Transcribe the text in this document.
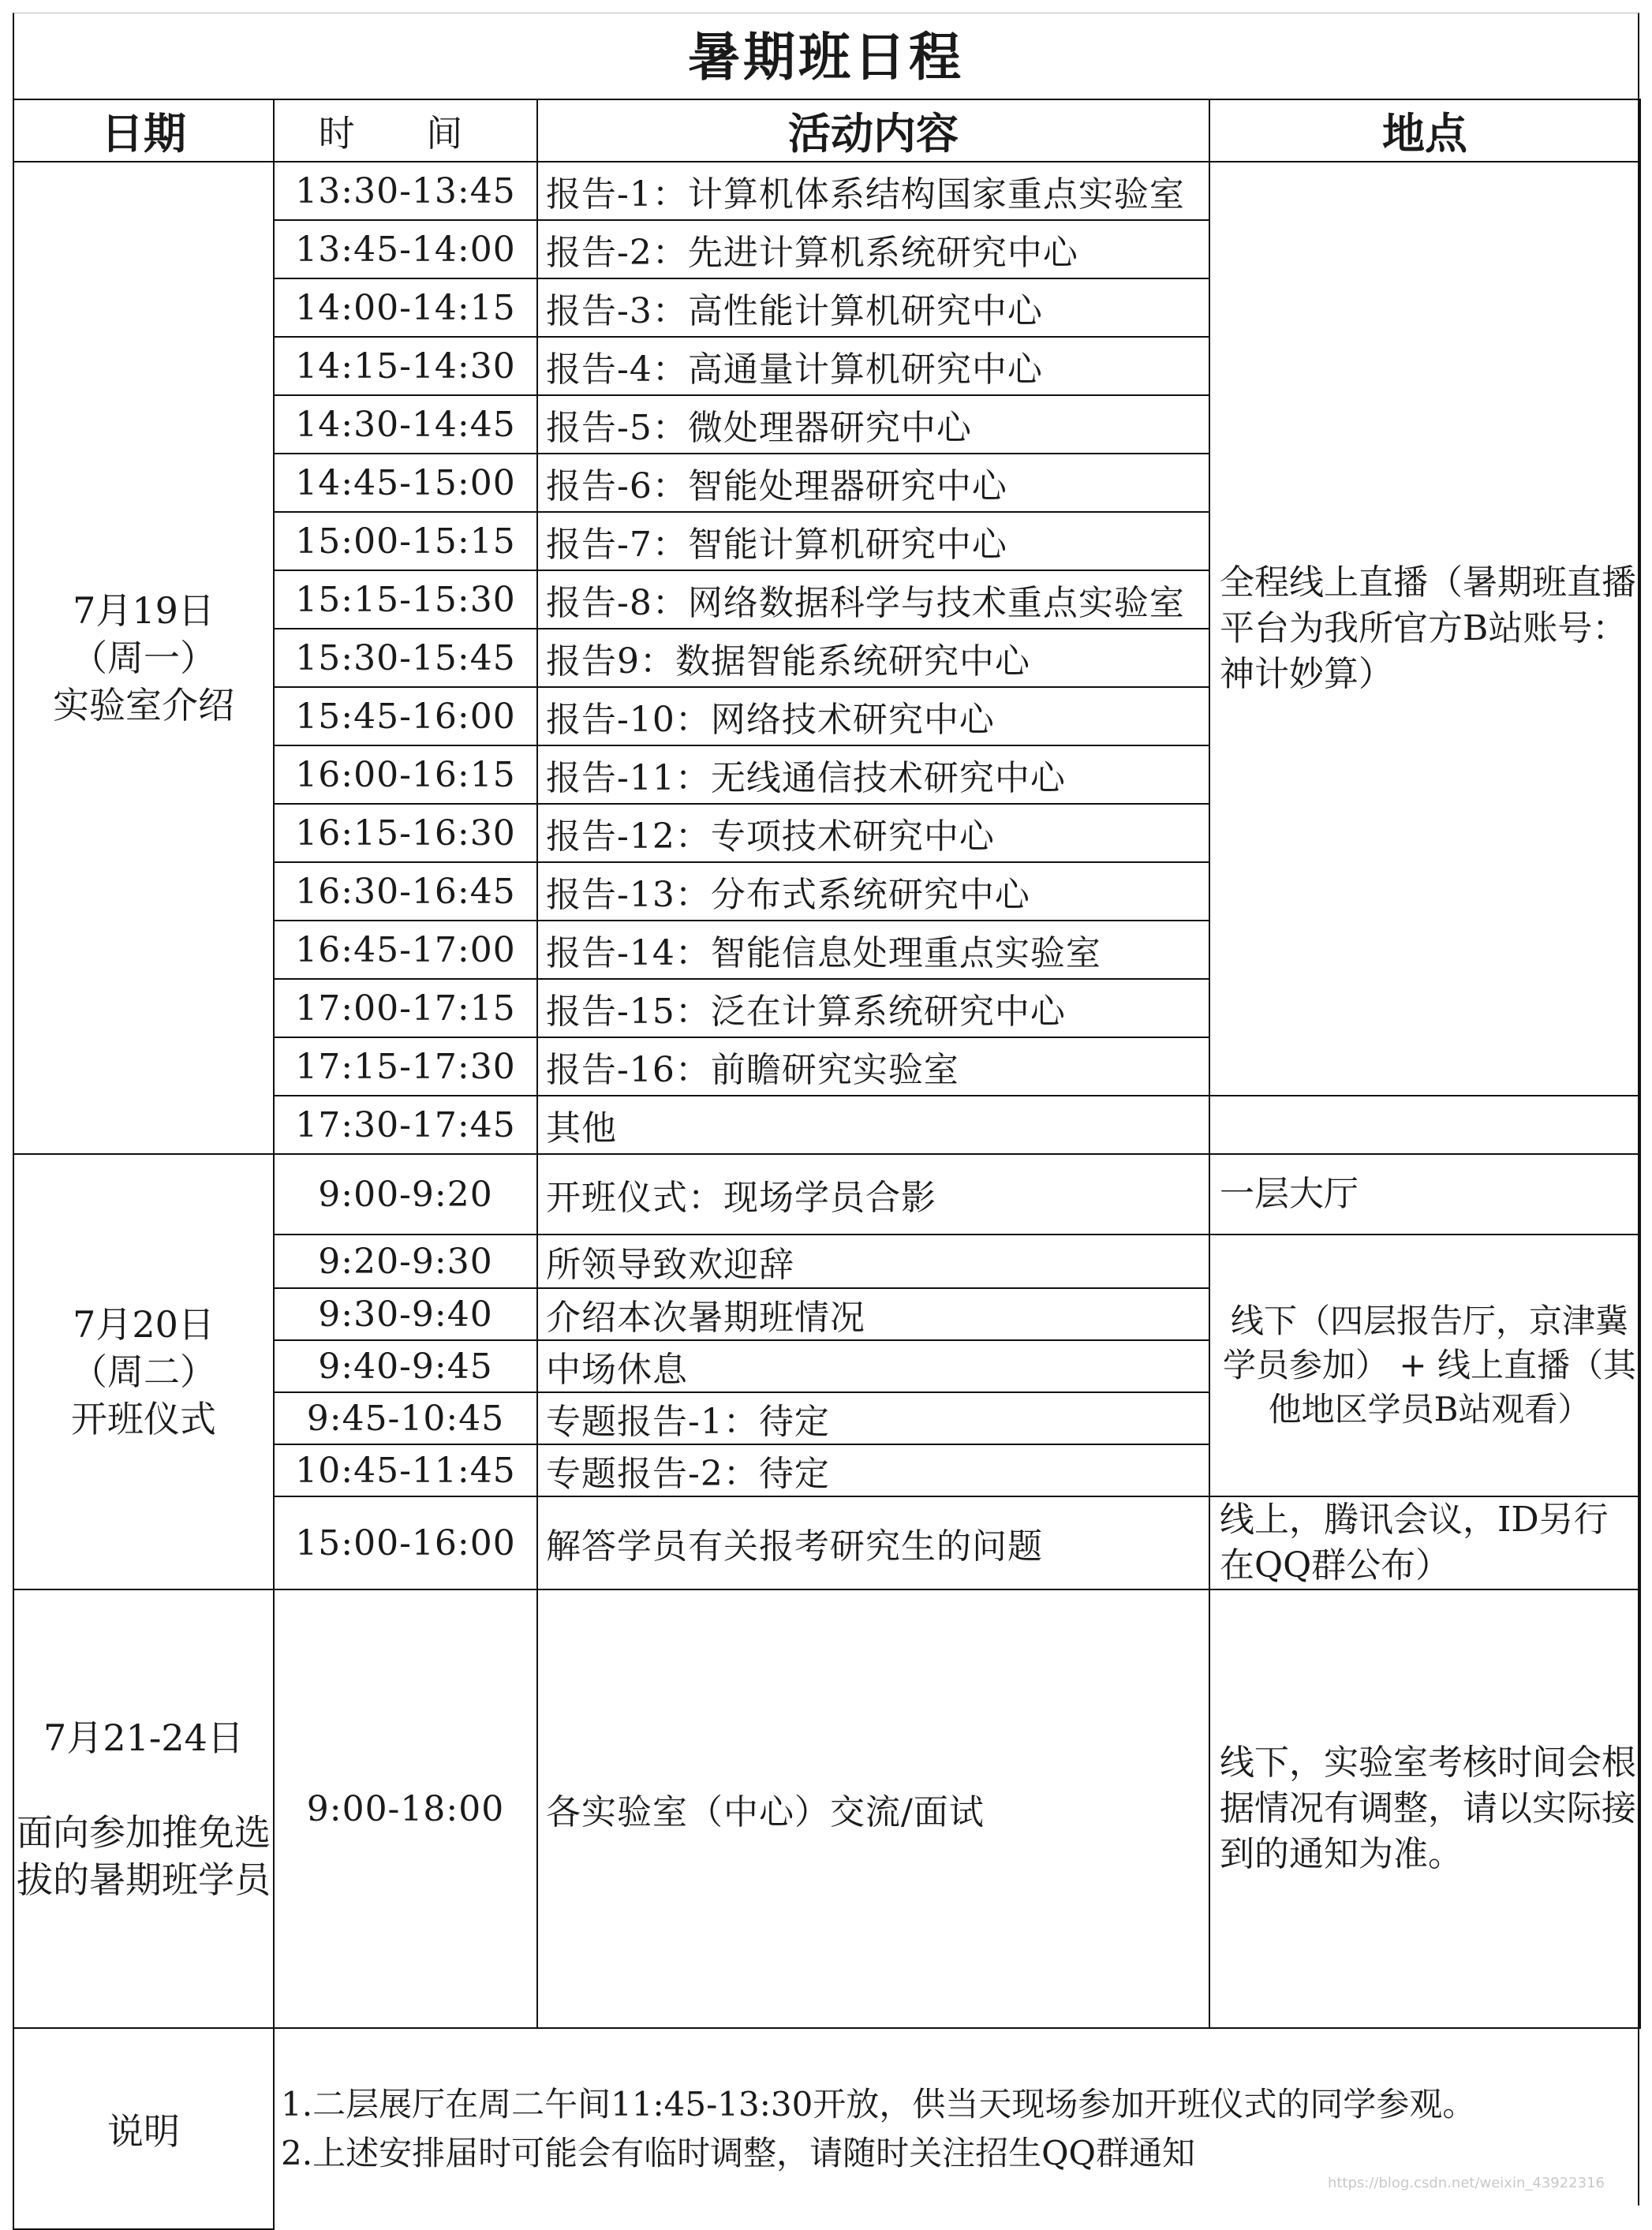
暑期班日程
日期	时 间	活动内容	地点

7月19日
（周一）
实验室介绍	13:30-13:45	报告-1：计算机体系结构国家重点实验室	全程线上直播（暑期班直播平台为我所官方B站账号：神计妙算）
	13:45-14:00	报告-2：先进计算机系统研究中心	
	14:00-14:15	报告-3：高性能计算机研究中心	
	14:15-14:30	报告-4：高通量计算机研究中心	
	14:30-14:45	报告-5：微处理器研究中心	
	14:45-15:00	报告-6：智能处理器研究中心	
	15:00-15:15	报告-7：智能计算机研究中心	
	15:15-15:30	报告-8：网络数据科学与技术重点实验室	
	15:30-15:45	报告9：数据智能系统研究中心	
	15:45-16:00	报告-10：网络技术研究中心	
	16:00-16:15	报告-11：无线通信技术研究中心	
	16:15-16:30	报告-12：专项技术研究中心	
	16:30-16:45	报告-13：分布式系统研究中心	
	16:45-17:00	报告-14：智能信息处理重点实验室	
	17:00-17:15	报告-15：泛在计算系统研究中心	
	17:15-17:30	报告-16：前瞻研究实验室	
	17:30-17:45	其他	

7月20日
（周二）
开班仪式	9:00-9:20	开班仪式：现场学员合影	一层大厅
	9:20-9:30	所领导致欢迎辞	线下（四层报告厅，京津冀学员参加） + 线上直播（其他地区学员B站观看）
	9:30-9:40	介绍本次暑期班情况	
	9:40-9:45	中场休息	
	9:45-10:45	专题报告-1：待定	
	10:45-11:45	专题报告-2：待定	
	15:00-16:00	解答学员有关报考研究生的问题	线上，腾讯会议，ID另行在QQ群公布）

7月21-24日
面向参加推免选拔的暑期班学员	9:00-18:00	各实验室（中心）交流/面试	线下，实验室考核时间会根据情况有调整，请以实际接到的通知为准。
说明	1.二层展厅在周二午间11:45-13:30开放，供当天现场参加开班仪式的同学参观。
2.上述安排届时可能会有临时调整，请随时关注招生QQ群通知		
https://blog.csdn.net/weixin_43922316
